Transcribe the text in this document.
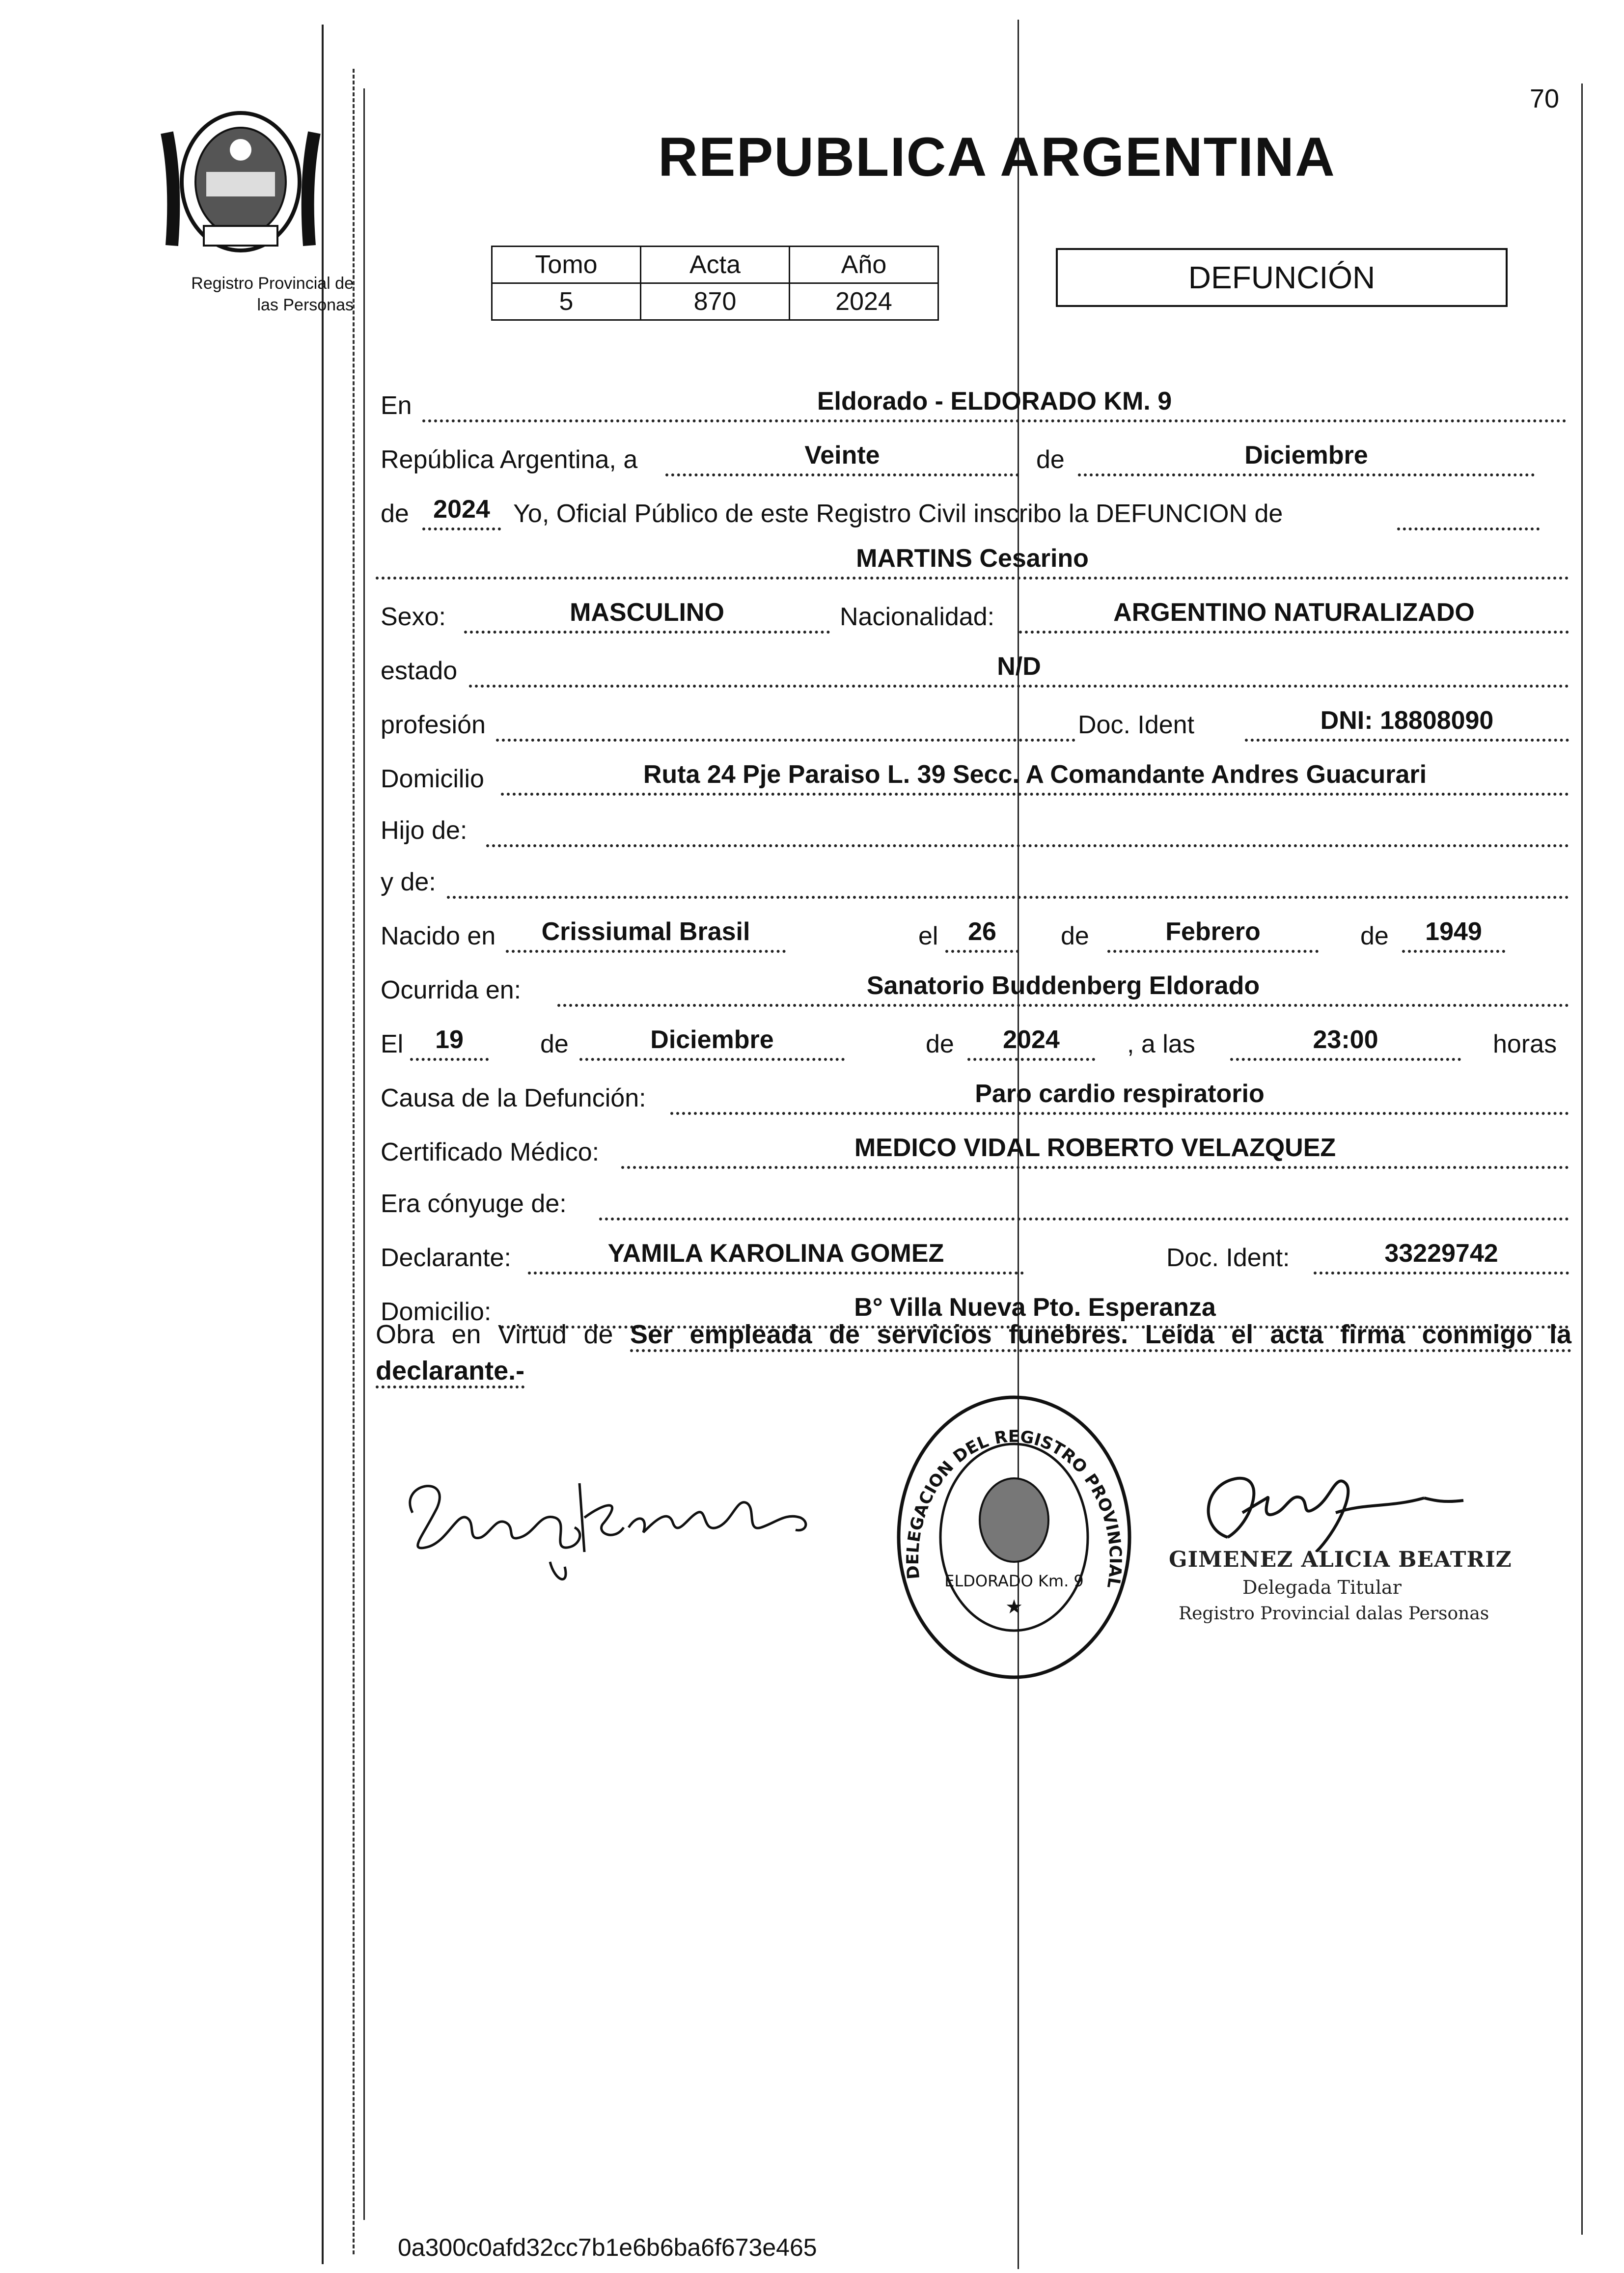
70
Registro Provincial de
las Personas
REPUBLICA ARGENTINA
Tomo	Acta	Año
5	870	2024
DEFUNCIÓN
En	Eldorado - ELDORADO KM. 9
República Argentina, a	Veinte	de	Diciembre
de 2024 Yo, Oficial Público de este Registro Civil inscribo la DEFUNCION de
MARTINS Cesarino
Sexo:	MASCULINO	Nacionalidad:	ARGENTINO NATURALIZADO
estado	N/D
profesión	Doc. Ident	DNI: 18808090
Domicilio	Ruta 24 Pje Paraiso L. 39 Secc. A Comandante Andres Guacurari
Hijo de:
y de:
Nacido en	Crissiumal Brasil	el	26	de	Febrero	de	1949
Ocurrida en:	Sanatorio Buddenberg Eldorado
El	19	de	Diciembre	de	2024	, a las	23:00	horas
Causa de la Defunción:	Paro cardio respiratorio
Certificado Médico:	MEDICO VIDAL ROBERTO VELAZQUEZ
Era cónyuge de:
Declarante:	YAMILA KAROLINA GOMEZ	Doc. Ident:	33229742
Domicilio:	B° Villa Nueva Pto. Esperanza
Obra en Virtud de Ser empleada de servicios funebres. Leida el acta firma conmigo la declarante.-
DELEGACION DEL REGISTRO PROVINCIAL
ELDORADO Km. 9
★
GIMENEZ ALICIA BEATRIZ
Delegada Titular
Registro Provincial dalas Personas
0a300c0afd32cc7b1e6b6ba6f673e465
